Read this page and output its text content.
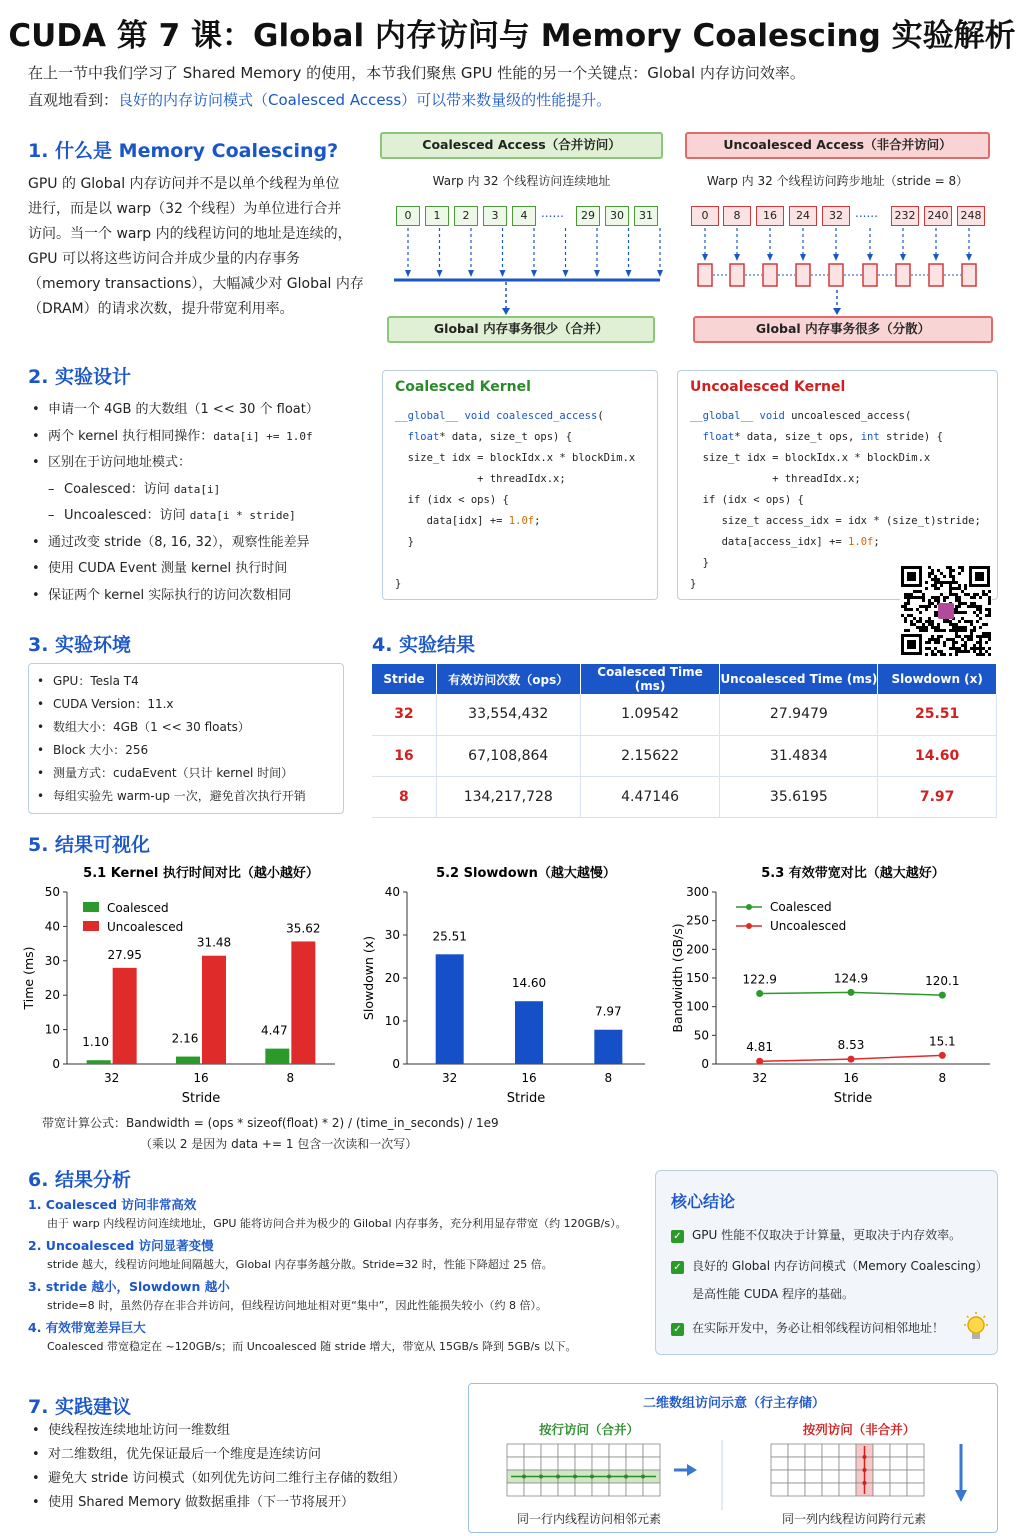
CUDA 第 7 课：Global 内存访问与 Memory Coalescing 实验解析
在上一节中我们学习了 Shared Memory 的使用，本节我们聚焦 GPU 性能的另一个关键点：Global 内存访问效率。
直观地看到：良好的内存访问模式（Coalesced Access）可以带来数量级的性能提升。
1. 什么是 Memory Coalescing?
GPU 的 Global 内存访问并不是以单个线程为单位
进行，而是以 warp（32 个线程）为单位进行合并
访问。当一个 warp 内的线程访问的地址是连续的，
GPU 可以将这些访问合并成少量的内存事务
（memory transactions），大幅减少对 Global 内存
（DRAM）的请求次数，提升带宽利用率。
Coalesced Access（合并访问）
Warp 内 32 个线程访问连续地址
0	1	2	3	4	29	30	31
......
Global 内存事务很少（合并）
Uncoalesced Access（非合并访问）
Warp 内 32 个线程访问跨步地址（stride = 8）
0	8	16	24	32	232	240	248
......
Global 内存事务很多（分散）
2. 实验设计
• 申请一个 4GB 的大数组（1 << 30 个 float）
• 两个 kernel 执行相同操作：data[i] += 1.0f
• 区别在于访问地址模式：
– Coalesced：访问 data[i]
– Uncoalesced：访问 data[i * stride]
• 通过改变 stride（8, 16, 32），观察性能差异
• 使用 CUDA Event 测量 kernel 执行时间
• 保证两个 kernel 实际执行的访问次数相同
Coalesced Kernel
__global__ void coalesced_access(
float* data, size_t ops) {
size_t idx = blockIdx.x * blockDim.x
+ threadIdx.x;
if (idx < ops) {
data[idx] += 1.0f;
}

}
Uncoalesced Kernel
__global__ void uncoalesced_access(
float* data, size_t ops, int stride) {
size_t idx = blockIdx.x * blockDim.x
+ threadIdx.x;
if (idx < ops) {
size_t access_idx = idx * (size_t)stride;
data[access_idx] += 1.0f;
}
}
3. 实验环境
• GPU：Tesla T4
• CUDA Version：11.x
• 数组大小：4GB（1 << 30 floats）
• Block 大小：256
• 测量方式：cudaEvent（只计 kernel 时间）
• 每组实验先 warm-up 一次，避免首次执行开销
4. 实验结果
Stride	有效访问次数（ops）	Coalesced Time (ms)	Uncoalesced Time (ms)	Slowdown (x)
32	33,554,432	1.09542	27.9479	25.51
16	67,108,864	2.15622	31.4834	14.60
8	134,217,728	4.47146	35.6195	7.97
5. 结果可视化
5.1 Kernel 执行时间对比（越小越好）
0
10
20
30
40
50
Time (ms)
Stride
32
1.10
27.95
16
2.16
31.48
8
4.47
35.62
Coalesced
Uncoalesced
5.2 Slowdown（越大越慢）
0
10
20
30
40
Slowdown (x)
Stride
32
25.51
16
14.60
8
7.97
5.3 有效带宽对比（越大越好）
0
50
100
150
200
250
300
Bandwidth (GB/s)
Stride
32	16	8
122.9	124.9	120.1
Coalesced
4.81	8.53	15.1
Uncoalesced
带宽计算公式：Bandwidth = (ops * sizeof(float) * 2) / (time_in_seconds) / 1e9
（乘以 2 是因为 data += 1 包含一次读和一次写）
6. 结果分析
1. Coalesced 访问非常高效
由于 warp 内线程访问连续地址，GPU 能将访问合并为极少的 Gilobal 内存事务，充分利用显存带宽（约 120GB/s）。
2. Uncoalesced 访问显著变慢
stride 越大，线程访问地址间隔越大，Global 内存事务越分散。Stride=32 时，性能下降超过 25 倍。
3. stride 越小，Slowdown 越小
stride=8 时，虽然仍存在非合并访问，但线程访问地址相对更“集中”，因此性能损失较小（约 8 倍）。
4. 有效带宽差异巨大
Coalesced 带宽稳定在 ~120GB/s；而 Uncoalesced 随 stride 增大，带宽从 15GB/s 降到 5GB/s 以下。
核心结论
✓ GPU 性能不仅取决于计算量，更取决于内存效率。
✓ 良好的 Global 内存访问模式（Memory Coalescing）
是高性能 CUDA 程序的基础。
✓ 在实际开发中，务必让相邻线程访问相邻地址！
7. 实践建议
• 使线程按连续地址访问一维数组
• 对二维数组，优先保证最后一个维度是连续访问
• 避免大 stride 访问模式（如列优先访问二维行主存储的数组）
• 使用 Shared Memory 做数据重排（下一节将展开）
二维数组访问示意（行主存储）
按行访问（合并）	按列访问（非合并）
同一行内线程访问相邻元素	同一列内线程访问跨行元素
